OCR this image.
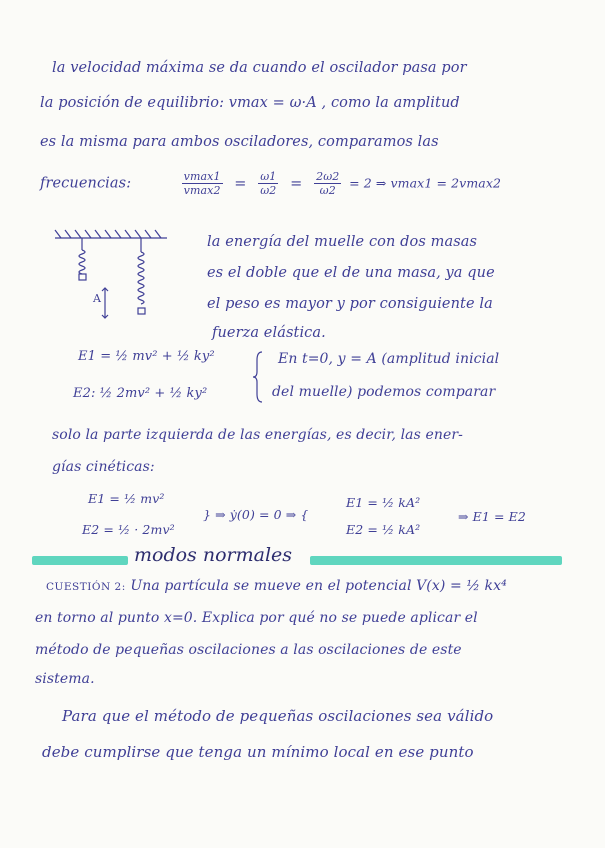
la velocidad máxima se da cuando el oscilador pasa por
la posición de equilibrio: vmax = ω·A , como la amplitud
es la misma para ambos osciladores, comparamos las
frecuencias:	$\frac{vmax1}{vmax2} = \frac{\omega 1}{\omega 2} = \frac{2\omega 2}{\omega 2} = 2$ ⇒ vmax1 = 2vmax2
A
la energía del muelle con dos masas
es el doble que el de una masa, ya que
el peso es mayor y por consiguiente la
fuerza elástica.
E1 = ½ mv² + ½ ky²
E2: ½ 2mv² + ½ ky²
En t=0, y = A (amplitud inicial
del muelle) podemos comparar
solo la parte izquierda de las energías, es decir, las ener-
gías cinéticas:
E1 = ½ mv²
E2 = ½ · 2mv²
} ⇒ ẏ(0) = 0 ⇒ {
E1 = ½ kA²
E2 = ½ kA²
⇒ E1 = E2
modos normales
CUESTIÓN 2: Una partícula se mueve en el potencial V(x) = ½ kx⁴
en torno al punto x=0. Explica por qué no se puede aplicar el
método de pequeñas oscilaciones a las oscilaciones de este
sistema.
Para que el método de pequeñas oscilaciones sea válido
debe cumplirse que tenga un mínimo local en ese punto
